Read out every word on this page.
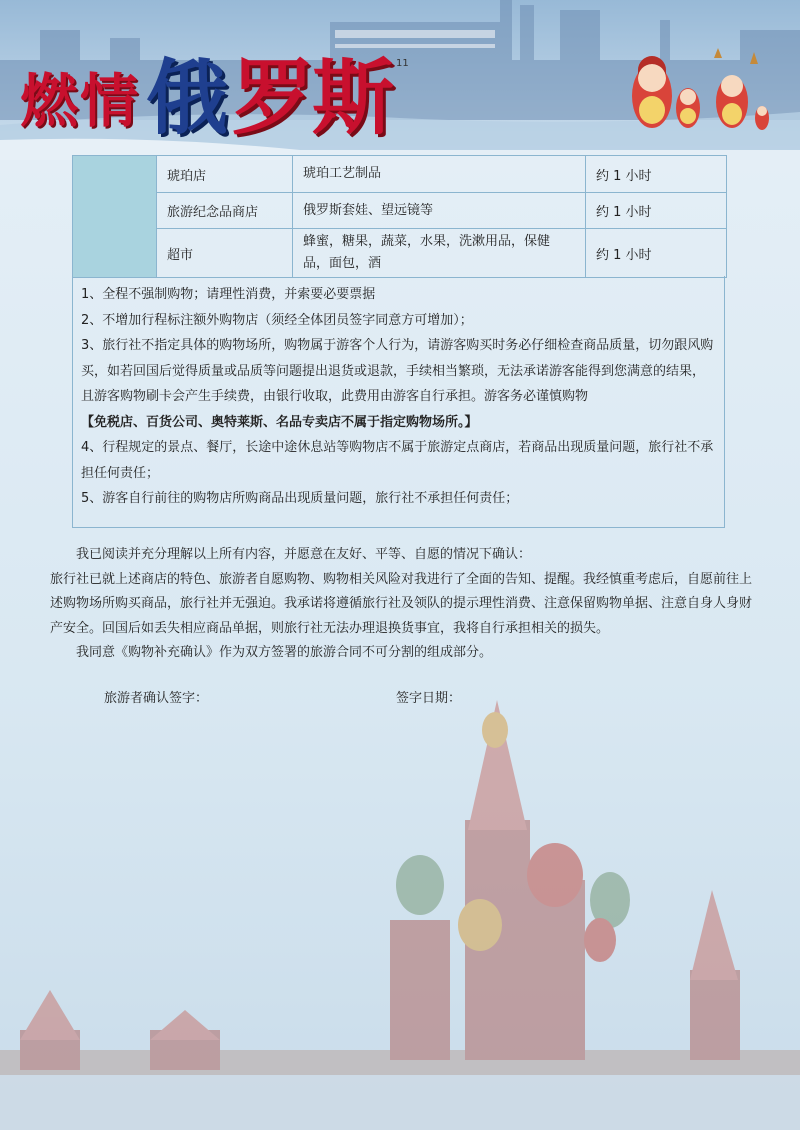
燃情 俄 罗斯 11
	琥珀店	琥珀工艺制品	约 1 小时
	旅游纪念品商店	俄罗斯套娃、望远镜等	约 1 小时
	超市	蜂蜜，糖果，蔬菜，水果，洗漱用品，保健品，面包，酒	约 1 小时

1、全程不强制购物；请理性消费，并索要必要票据

2、不增加行程标注额外购物店（须经全体团员签字同意方可增加）；

3、旅行社不指定具体的购物场所，购物属于游客个人行为，请游客购买时务必仔细检查商品质量，切勿跟风购买，如若回国后觉得质量或品质等问题提出退货或退款，手续相当繁琐，无法承诺游客能得到您满意的结果，且游客购物刷卡会产生手续费，由银行收取，此费用由游客自行承担。游客务必谨慎购物

【免税店、百货公司、奥特莱斯、名品专卖店不属于指定购物场所。】

4、行程规定的景点、餐厅，长途中途休息站等购物店不属于旅游定点商店，若商品出现质量问题，旅行社不承担任何责任；

5、游客自行前往的购物店所购商品出现质量问题，旅行社不承担任何责任；

我已阅读并充分理解以上所有内容，并愿意在友好、平等、自愿的情况下确认：

旅行社已就上述商店的特色、旅游者自愿购物、购物相关风险对我进行了全面的告知、提醒。我经慎重考虑后，自愿前往上述购物场所购买商品，旅行社并无强迫。我承诺将遵循旅行社及领队的提示理性消费、注意保留购物单据、注意自身人身财产安全。回国后如丢失相应商品单据，则旅行社无法办理退换货事宜，我将自行承担相关的损失。

我同意《购物补充确认》作为双方签署的旅游合同不可分割的组成部分。

旅游者确认签字：	签字日期：
